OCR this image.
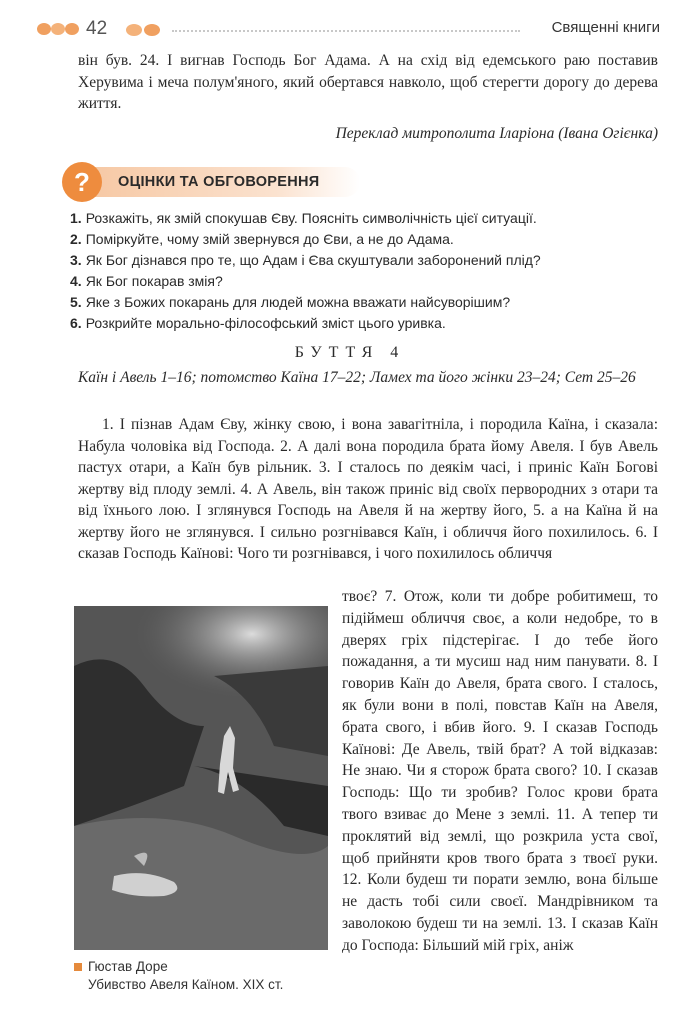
42	Священні книги

він був. 24. І вигнав Господь Бог Адама. А на схід від едемського раю поставив Херувима і меча полум'яного, який обертався навколо, щоб стерегти дорогу до дерева життя.

Переклад митрополита Іларіона (Івана Огієнка)

?	ОЦІНКИ ТА ОБГОВОРЕННЯ
1. Розкажіть, як змій спокушав Єву. Поясніть символічність цієї ситуації.
2. Поміркуйте, чому змій звернувся до Єви, а не до Адама.
3. Як Бог дізнався про те, що Адам і Єва скуштували заборонений плід?
4. Як Бог покарав змія?
5. Яке з Божих покарань для людей можна вважати найсуворішим?
6. Розкрийте морально-філософський зміст цього уривка.
БУТТЯ 4
Каїн і Авель 1–16; потомство Каїна 17–22; Ламех та його жінки 23–24; Сет 25–26

1. І пізнав Адам Єву, жінку свою, і вона завагітніла, і породила Каїна, і сказала: Набула чоловіка від Господа. 2. А далі вона породила брата йому Авеля. І був Авель пастух отари, а Каїн був рільник. 3. І сталось по деякім часі, і приніс Каїн Богові жертву від плоду землі. 4. А Авель, він також приніс від своїх первородних з отари та від їхнього лою. І зглянувся Господь на Авеля й на жертву його, 5. а на Каїна й на жертву його не зглянувся. І сильно розгнівався Каїн, і обличчя його похилилось. 6. І сказав Господь Каїнові: Чого ти розгнівався, і чого похилилось обличчя

твоє? 7. Отож, коли ти добре робитимеш, то підіймеш обличчя своє, а коли недобре, то в дверях гріх підстерігає. І до тебе його пожадання, а ти мусиш над ним панувати. 8. І говорив Каїн до Авеля, брата свого. І сталось, як були вони в полі, повстав Каїн на Авеля, брата свого, і вбив його. 9. І сказав Господь Каїнові: Де Авель, твій брат? А той відказав: Не знаю. Чи я сторож брата свого? 10. І сказав Господь: Що ти зробив? Голос крови брата твого взиває до Мене з землі. 11. А тепер ти проклятий від землі, що розкрила уста свої, щоб прийняти кров твого брата з твоєї руки. 12. Коли будеш ти порати землю, вона більше не дасть тобі сили своєї. Мандрівником та заволокою будеш ти на землі. 13. І сказав Каїн до Господа: Більший мій гріх, аніж

Гюстав Доре
Убивство Авеля Каїном. XIX ст.
